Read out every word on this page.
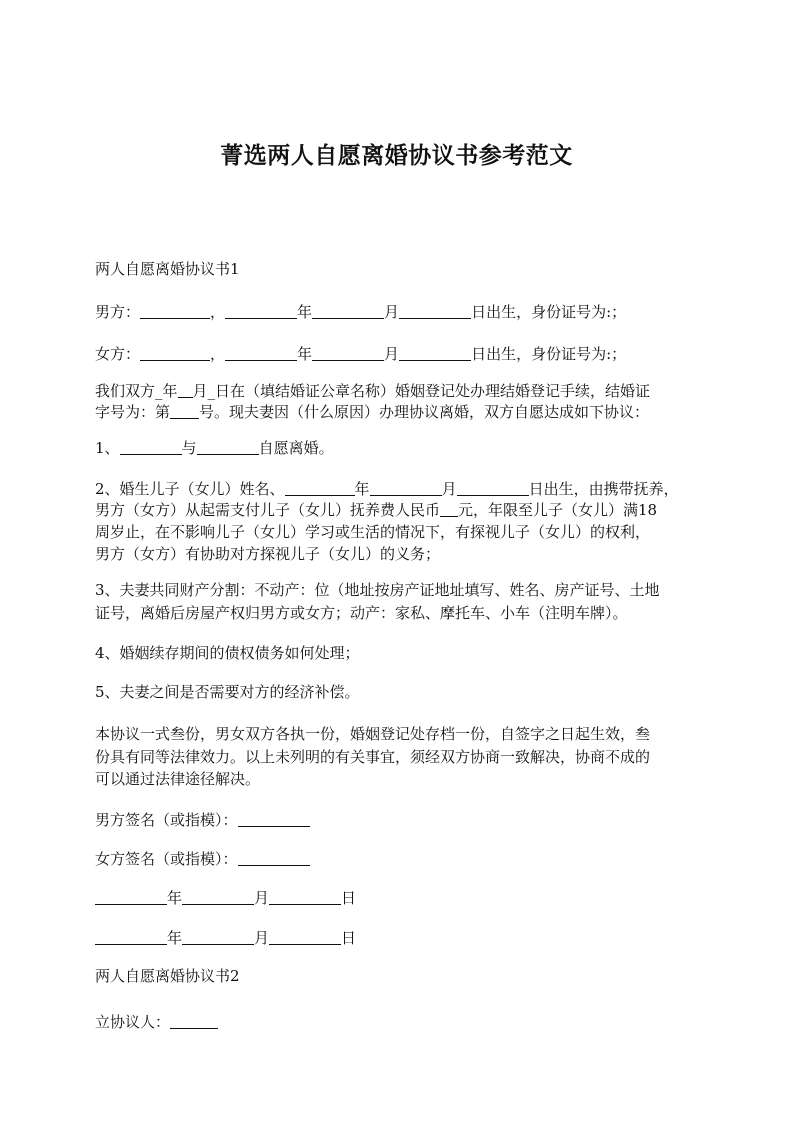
菁选两人自愿离婚协议书参考范文
两人自愿离婚协议书1
男方：	，	年	月	日出生，身份证号为:；
女方：	，	年	月	日出生，身份证号为:；
我们双方_年 月_日在（填结婚证公章名称）婚姻登记处办理结婚登记手续，结婚证
字号为：第 号。现夫妻因（什么原因）办理协议离婚，双方自愿达成如下协议：
1、	与	自愿离婚。
2、婚生儿子（女儿）姓名、	年	月	日出生，由携带抚养，
男方（女方）从起需支付儿子（女儿）抚养费人民币 元，年限至儿子（女儿）满18
周岁止，在不影响儿子（女儿）学习或生活的情况下，有探视儿子（女儿）的权利，
男方（女方）有协助对方探视儿子（女儿）的义务；
3、夫妻共同财产分割：不动产：位（地址按房产证地址填写、姓名、房产证号、土地
证号，离婚后房屋产权归男方或女方；动产：家私、摩托车、小车（注明车牌）。
4、婚姻续存期间的债权债务如何处理；
5、夫妻之间是否需要对方的经济补偿。
本协议一式叁份，男女双方各执一份，婚姻登记处存档一份，自签字之日起生效，叁
份具有同等法律效力。以上未列明的有关事宜，须经双方协商一致解决，协商不成的
可以通过法律途径解决。
男方签名（或指模）：
女方签名（或指模）：
年	月	日
年	月	日
两人自愿离婚协议书2
立协议人：
